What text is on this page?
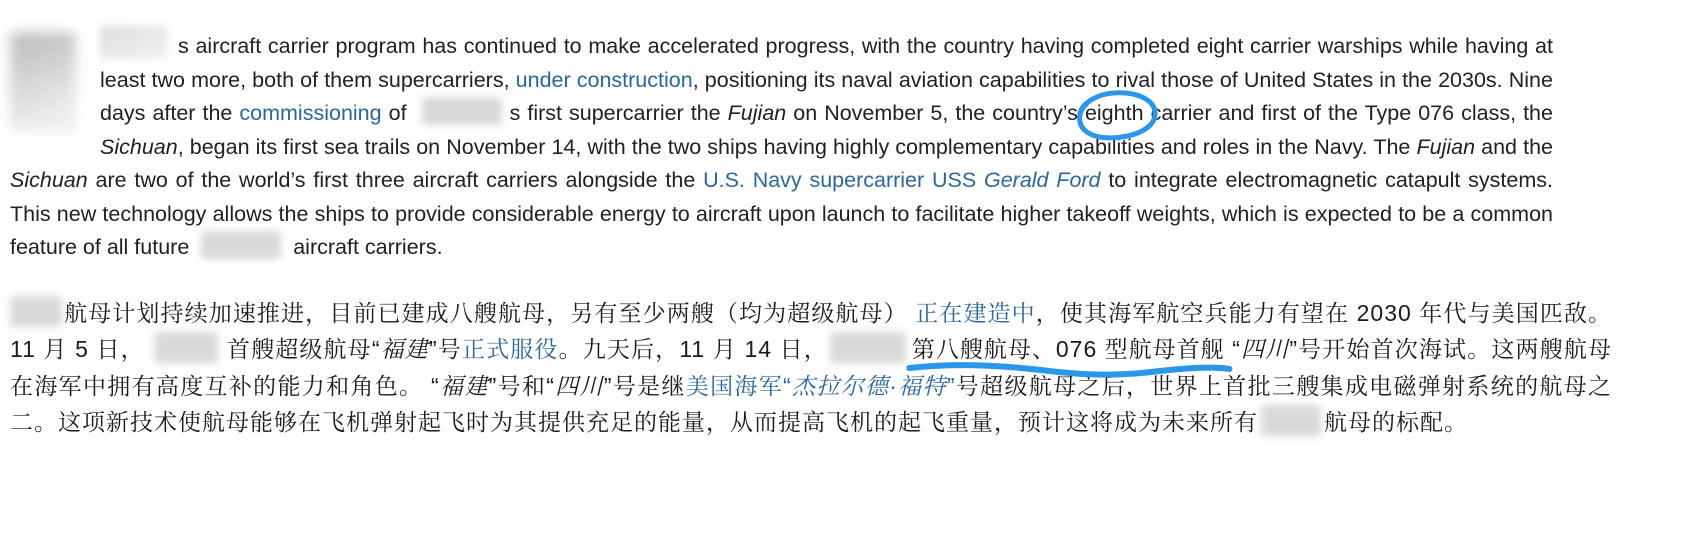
s aircraft carrier program has continued to make accelerated progress, with the country having completed eight carrier warships while having at least two more, both of them supercarriers, under construction, positioning its naval aviation capabilities to rival those of United States in the 2030s. Nine days after the commissioning of	s first supercarrier the Fujian on November 5, the country’s eighth
carrier and first of the Type 076 class, the Sichuan, began its first sea trails on November 14, with the two ships having highly complementary capabilities and roles in the Navy. The Fujian and the Sichuan are two of the world’s first three aircraft carriers alongside the U.S. Navy supercarrier USS Gerald Ford to integrate electromagnetic catapult systems. This new technology allows the ships to provide considerable energy to aircraft upon launch to facilitate higher takeoff weights, which is expected to be a common feature of all future	aircraft carriers.

航母计划持续加速推进，目前已建成八艘航母，另有至少两艘（均为超级航母） 正在建造中，使其海军航空兵能力有望在 2030 年代与美国匹敌。11 月 5 日，	首艘超级航母“福建”号正式服役。九天后，11 月 14 日，	第八艘航母、076 型航母首舰
“四川”号开始首次海试。这两艘航母在海军中拥有高度互补的能力和角色。 “福建”号和“四川”号是继美国海军“杰拉尔德·福特”号超级航母之后，世界上首批三艘集成电磁弹射系统的航母之二。这项新技术使航母能够在飞机弹射起飞时为其提供充足的能量，从而提高飞机的起飞重量，预计这将成为未来所有	航母的标配。
